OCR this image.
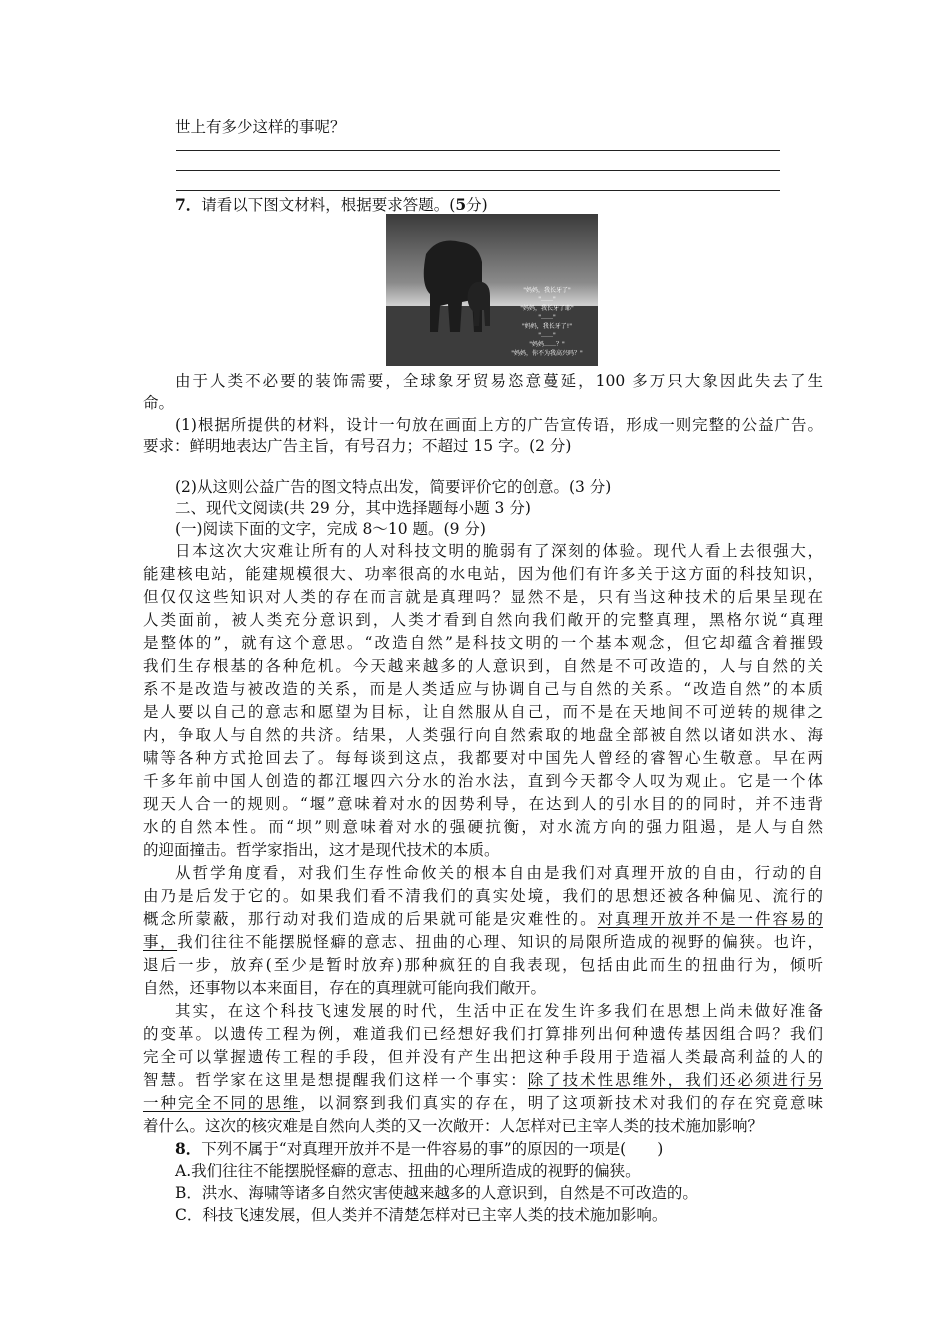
世上有多少这样的事呢？
7．请看以下图文材料，根据要求答题。(5分)
"妈妈，我长牙了"
"……"
"妈妈，我长牙了耶"
"……"
"妈妈，我长牙了!"
"……"
"妈妈……？"
"妈妈，你不为我高兴吗？"
由于人类不必要的装饰需要，全球象牙贸易恣意蔓延，100 多万只大象因此失去了生
命。
(1)根据所提供的材料，设计一句放在画面上方的广告宣传语，形成一则完整的公益广告。
要求：鲜明地表达广告主旨，有号召力；不超过 15 字。(2 分)
(2)从这则公益广告的图文特点出发，简要评价它的创意。(3 分)
二、现代文阅读(共 29 分，其中选择题每小题 3 分)
(一)阅读下面的文字，完成 8～10 题。(9 分)
日本这次大灾难让所有的人对科技文明的脆弱有了深刻的体验。现代人看上去很强大，
能建核电站，能建规模很大、功率很高的水电站，因为他们有许多关于这方面的科技知识，
但仅仅这些知识对人类的存在而言就是真理吗？显然不是，只有当这种技术的后果呈现在
人类面前，被人类充分意识到，人类才看到自然向我们敞开的完整真理，黑格尔说“真理
是整体的”，就有这个意思。“改造自然”是科技文明的一个基本观念，但它却蕴含着摧毁
我们生存根基的各种危机。今天越来越多的人意识到，自然是不可改造的，人与自然的关
系不是改造与被改造的关系，而是人类适应与协调自己与自然的关系。“改造自然”的本质
是人要以自己的意志和愿望为目标，让自然服从自己，而不是在天地间不可逆转的规律之
内，争取人与自然的共济。结果，人类强行向自然索取的地盘全部被自然以诸如洪水、海
啸等各种方式抢回去了。每每谈到这点，我都要对中国先人曾经的睿智心生敬意。早在两
千多年前中国人创造的都江堰四六分水的治水法，直到今天都令人叹为观止。它是一个体
现天人合一的规则。“堰”意味着对水的因势利导，在达到人的引水目的的同时，并不违背
水的自然本性。而“坝”则意味着对水的强硬抗衡，对水流方向的强力阻遏，是人与自然
的迎面撞击。哲学家指出，这才是现代技术的本质。
从哲学角度看，对我们生存性命攸关的根本自由是我们对真理开放的自由，行动的自
由乃是后发于它的。如果我们看不清我们的真实处境，我们的思想还被各种偏见、流行的
概念所蒙蔽，那行动对我们造成的后果就可能是灾难性的。对真理开放并不是一件容易的
事，我们往往不能摆脱怪癖的意志、扭曲的心理、知识的局限所造成的视野的偏狭。也许，
退后一步，放弃(至少是暂时放弃)那种疯狂的自我表现，包括由此而生的扭曲行为，倾听
自然，还事物以本来面目，存在的真理就可能向我们敞开。
其实，在这个科技飞速发展的时代，生活中正在发生许多我们在思想上尚未做好准备
的变革。以遗传工程为例，难道我们已经想好我们打算排列出何种遗传基因组合吗？我们
完全可以掌握遗传工程的手段，但并没有产生出把这种手段用于造福人类最高利益的人的
智慧。哲学家在这里是想提醒我们这样一个事实：除了技术性思维外，我们还必须进行另
一种完全不同的思维，以洞察到我们真实的存在，明了这项新技术对我们的存在究竟意味
着什么。这次的核灾难是自然向人类的又一次敞开：人怎样对已主宰人类的技术施加影响？
8．下列不属于“对真理开放并不是一件容易的事”的原因的一项是(　　)
A.我们往往不能摆脱怪癖的意志、扭曲的心理所造成的视野的偏狭。
B．洪水、海啸等诸多自然灾害使越来越多的人意识到，自然是不可改造的。
C．科技飞速发展，但人类并不清楚怎样对已主宰人类的技术施加影响。
